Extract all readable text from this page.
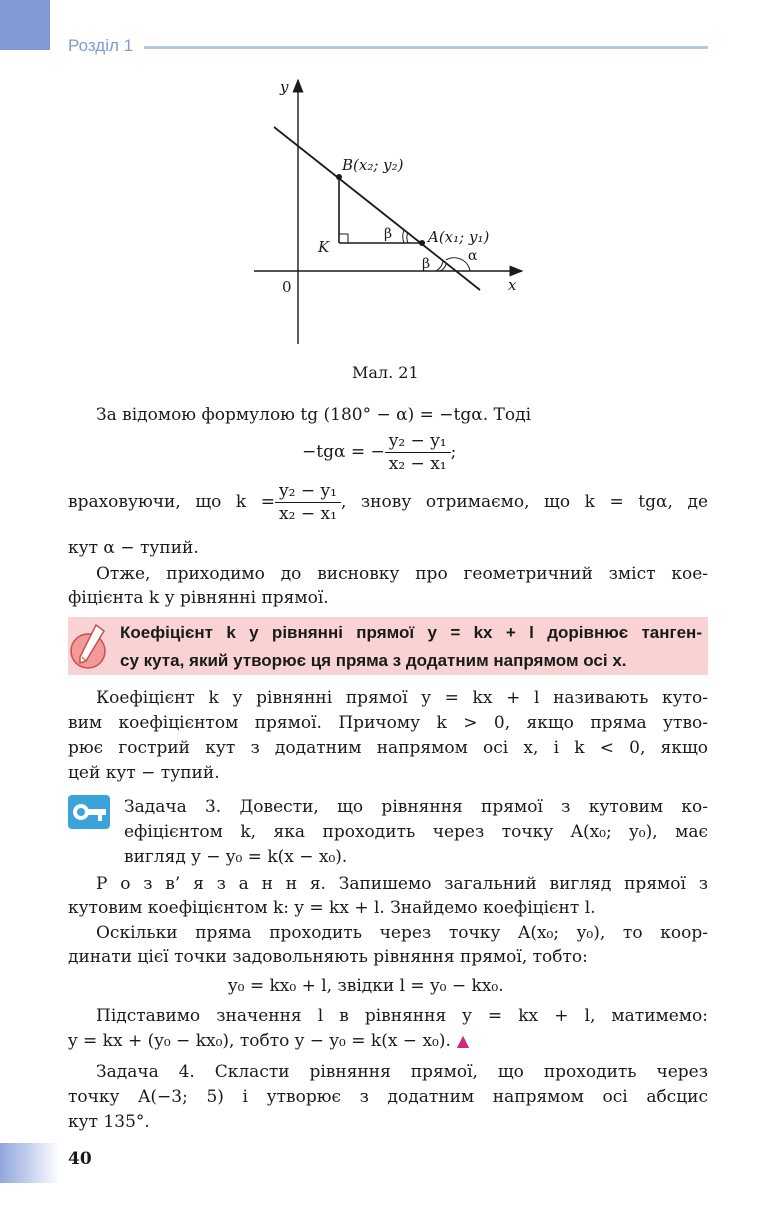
Розділ 1
y
x
0
B(x₂; y₂)
A(x₁; y₁)
K
β
β	α
Мал. 21

За відомою формулою tg (180° − α) = −tgα. Тоді

−tgα = − $\frac{\text{y₂ − y₁}}{\text{x₂ − x₁}}$ ;

враховуючи, що $k = \frac{\text{y₂ − y₁}}{\text{x₂ − x₁}}$ , знову отримаємо, що k = tgα, де

кут α − тупий.

Отже, приходимо до висновку про геометричний зміст кое-

фіцієнта k у рівнянні прямої.

Коефіцієнт k у рівнянні прямої y = kx + l дорівнює танген-
су кута, який утворює ця пряма з додатним напрямом осі x.

Коефіцієнт k у рівнянні прямої y = kx + l називають куто-

вим коефіцієнтом прямої. Причому k > 0, якщо пряма утво-

рює гострий кут з додатним напрямом осі x, і k < 0, якщо

цей кут − тупий.

Задача 3. Довести, що рівняння прямої з кутовим ко-

ефіцієнтом k, яка проходить через точку A(x₀; y₀), має

вигляд y − y₀ = k(x − x₀).

Р о з в’ я з а н н я. Запишемо загальний вигляд прямої з

кутовим коефіцієнтом k: y = kx + l. Знайдемо коефіцієнт l.

Оскільки пряма проходить через точку A(x₀; y₀), то коор-

динати цієї точки задовольняють рівняння прямої, тобто:

y₀ = kx₀ + l, звідки l = y₀ − kx₀.

Підставимо значення l в рівняння y = kx + l, матимемо:

y = kx + (y₀ − kx₀), тобто y − y₀ = k(x − x₀). ▲

Задача 4. Скласти рівняння прямої, що проходить через

точку A(−3; 5) і утворює з додатним напрямом осі абсцис

кут 135°.

40
